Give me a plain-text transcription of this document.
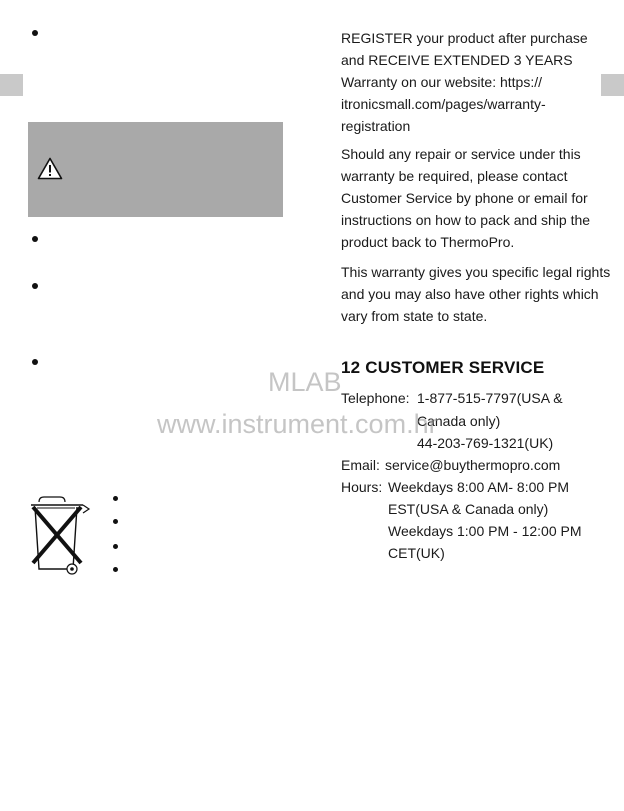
REGISTER your product after purchase and RECEIVE EXTENDED 3 YEARS Warranty on our website: https:// itronicsmall.com/pages/warranty- registration

Should any repair or service under this warranty be required, please contact Customer Service by phone or email for instructions on how to pack and ship the product back to ThermoPro.

This warranty gives you specific legal rights and you may also have other rights which vary from state to state.

12 CUSTOMER SERVICE
Telephone: 1-877-515-7797(USA &
Canada only)
44-203-769-1321(UK)
Email: service@buythermopro.com
Hours: Weekdays 8:00 AM- 8:00 PM
EST(USA & Canada only)
Weekdays 1:00 PM - 12:00 PM
CET(UK)
MLAB
www.instrument.com.hr
